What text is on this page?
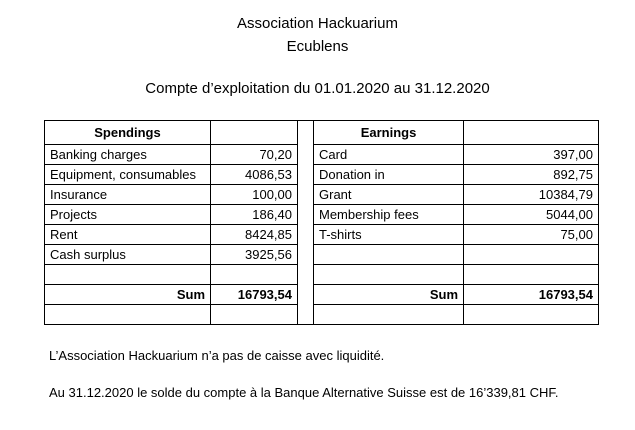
Association Hackuarium
Ecublens
Compte d’exploitation du 01.01.2020 au 31.12.2020
Spendings			Earnings	
Banking charges	70,20		Card	397,00
Equipment, consumables	4086,53		Donation in	892,75
Insurance	100,00		Grant	10384,79
Projects	186,40		Membership fees	5044,00
Rent	8424,85		T-shirts	75,00
Cash surplus	3925,56			

Sum	16793,54		Sum	16793,54

L’Association Hackuarium n’a pas de caisse avec liquidité.

Au 31.12.2020 le solde du compte à la Banque Alternative Suisse est de 16’339,81 CHF.
